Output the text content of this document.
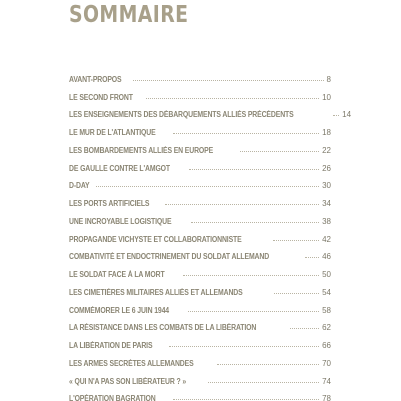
SOMMAIRE
AVANT-PROPOS	8
LE SECOND FRONT	10
LES ENSEIGNEMENTS DES DÉBARQUEMENTS ALLIÉS PRÉCÉDENTS	14
LE MUR DE L'ATLANTIQUE	18
LES BOMBARDEMENTS ALLIÉS EN EUROPE	22
DE GAULLE CONTRE L'AMGOT	26
D-DAY	30
LES PORTS ARTIFICIELS	34
UNE INCROYABLE LOGISTIQUE	38
PROPAGANDE VICHYSTE ET COLLABORATIONNISTE	42
COMBATIVITÉ ET ENDOCTRINEMENT DU SOLDAT ALLEMAND	46
LE SOLDAT FACE À LA MORT	50
LES CIMETIÈRES MILITAIRES ALLIÉS ET ALLEMANDS	54
COMMÉMORER LE 6 JUIN 1944	58
LA RÉSISTANCE DANS LES COMBATS DE LA LIBÉRATION	62
LA LIBÉRATION DE PARIS	66
LES ARMES SECRÈTES ALLEMANDES	70
« QUI N'A PAS SON LIBÉRATEUR ? »	74
L'OPÉRATION BAGRATION	78
